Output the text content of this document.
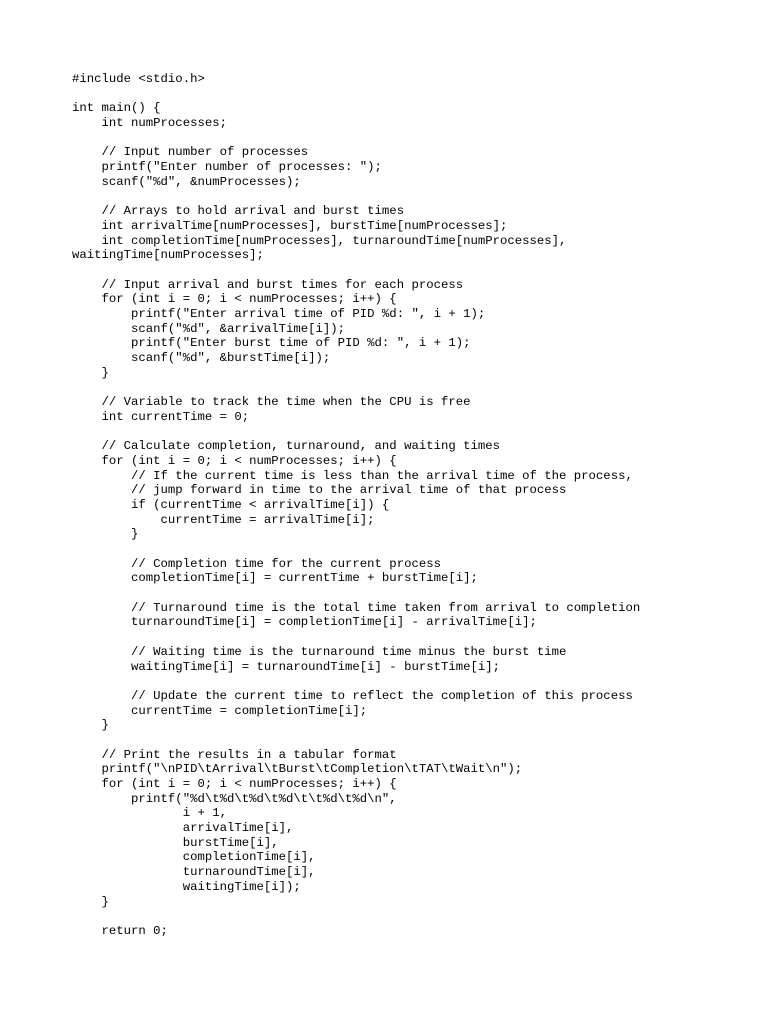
#include <stdio.h>
int main() {
int numProcesses;
// Input number of processes
printf("Enter number of processes: ");
scanf("%d", &numProcesses);
// Arrays to hold arrival and burst times
int arrivalTime[numProcesses], burstTime[numProcesses];
int completionTime[numProcesses], turnaroundTime[numProcesses],
waitingTime[numProcesses];
// Input arrival and burst times for each process
for (int i = 0; i < numProcesses; i++) {
printf("Enter arrival time of PID %d: ", i + 1);
scanf("%d", &arrivalTime[i]);
printf("Enter burst time of PID %d: ", i + 1);
scanf("%d", &burstTime[i]);
}
// Variable to track the time when the CPU is free
int currentTime = 0;
// Calculate completion, turnaround, and waiting times
for (int i = 0; i < numProcesses; i++) {
// If the current time is less than the arrival time of the process,
// jump forward in time to the arrival time of that process
if (currentTime < arrivalTime[i]) {
currentTime = arrivalTime[i];
}
// Completion time for the current process
completionTime[i] = currentTime + burstTime[i];
// Turnaround time is the total time taken from arrival to completion
turnaroundTime[i] = completionTime[i] - arrivalTime[i];
// Waiting time is the turnaround time minus the burst time
waitingTime[i] = turnaroundTime[i] - burstTime[i];
// Update the current time to reflect the completion of this process
currentTime = completionTime[i];
}
// Print the results in a tabular format
printf("\nPID\tArrival\tBurst\tCompletion\tTAT\tWait\n");
for (int i = 0; i < numProcesses; i++) {
printf("%d\t%d\t%d\t%d\t\t%d\t%d\n",
i + 1,
arrivalTime[i],
burstTime[i],
completionTime[i],
turnaroundTime[i],
waitingTime[i]);
}
return 0;
